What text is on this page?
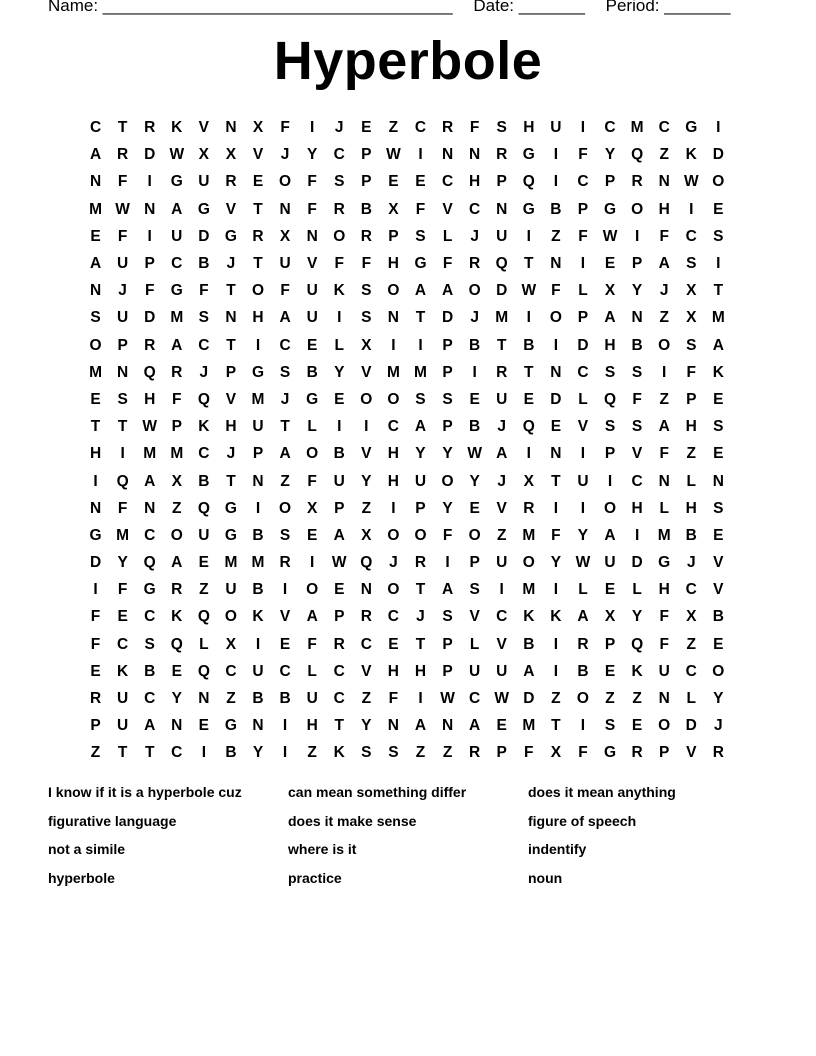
Name: _____________________________________ Date: _______ Period: _______
Hyperbole
C	T	R	K	V	N	X	F	I	J	E	Z	C	R	F	S	H	U	I	C M C G	I
A	R	D W X	X	V	J	Y	C	P W	I	N	N	R G	I	F	Y	Q	Z	K	D
N	F	I	G U	R	E	O	F	S	P	E	E	C	H	P	Q	I	C	P	R	N W O
M W N	A G	V	T	N	F	R	B	X	F	V	C	N G B	P	G O H	I	E
E	F	I	U	D G R	X	N O R	P	S	L	J	U	I	Z	F W	I	F	C	S
A	U	P	C	B	J	T	U	V	F	F	H G	F	R Q	T	N	I	E	P	A	S	I
N	J	F	G	F	T	O	F	U	K	S	O A	A O D W F	L	X	Y	J	X	T
S	U	D M S	N	H	A	U	I	S	N	T	D	J	M	I	O	P	A	N	Z	X M
O	P	R	A	C	T	I	C	E	L	X	I	I	P	B	T	B	I	D	H	B O	S	A
M N Q R	J	P	G	S	B	Y	V M M P	I	R	T	N	C	S	S	I	F	K
E	S	H	F	Q	V M	J	G	E	O O	S	S	E	U	E	D	L	Q	F	Z	P	E
T	T W P	K	H	U	T	L	I	I	C	A	P	B	J	Q	E	V	S	S	A	H	S
H	I	M M C	J	P	A O B	V	H	Y	Y W A	I	N	I	P	V	F	Z	E
I	Q A	X	B	T	N	Z	F	U	Y	H	U O	Y	J	X	T	U	I	C	N	L	N
N	F	N	Z	Q G	I	O	X	P	Z	I	P	Y	E	V	R	I	I	O H	L	H	S
G M C O U G B	S	E	A	X	O O	F	O	Z	M	F	Y	A	I	M B	E
D	Y	Q A	E M M R	I	W Q	J	R	I	P	U O	Y W U	D G	J	V
I	F	G R	Z	U	B	I	O	E	N O	T	A	S	I	M	I	L	E	L	H	C	V
F	E	C	K Q O K	V	A	P	R	C	J	S	V	C	K	K	A	X	Y	F	X	B
F	C	S	Q	L	X	I	E	F	R	C	E	T	P	L	V	B	I	R	P	Q	F	Z	E
E	K	B	E	Q C	U	C	L	C	V	H	H	P	U	U	A	I	B	E	K	U	C O
R	U	C	Y	N	Z	B	B	U	C	Z	F	I	W C W D	Z	O	Z	Z	N	L	Y
P	U	A	N	E	G N	I	H	T	Y	N	A	N	A	E M	T	I	S	E	O D	J
Z	T	T	C	I	B	Y	I	Z	K	S	S	Z	Z	R	P	F	X	F	G R	P	V	R
I know if it is a hyperbole cuz	can mean something differ	does it mean anything
figurative language	does it make sense	figure of speech
not a simile	where is it	indentify
hyperbole	practice	noun
